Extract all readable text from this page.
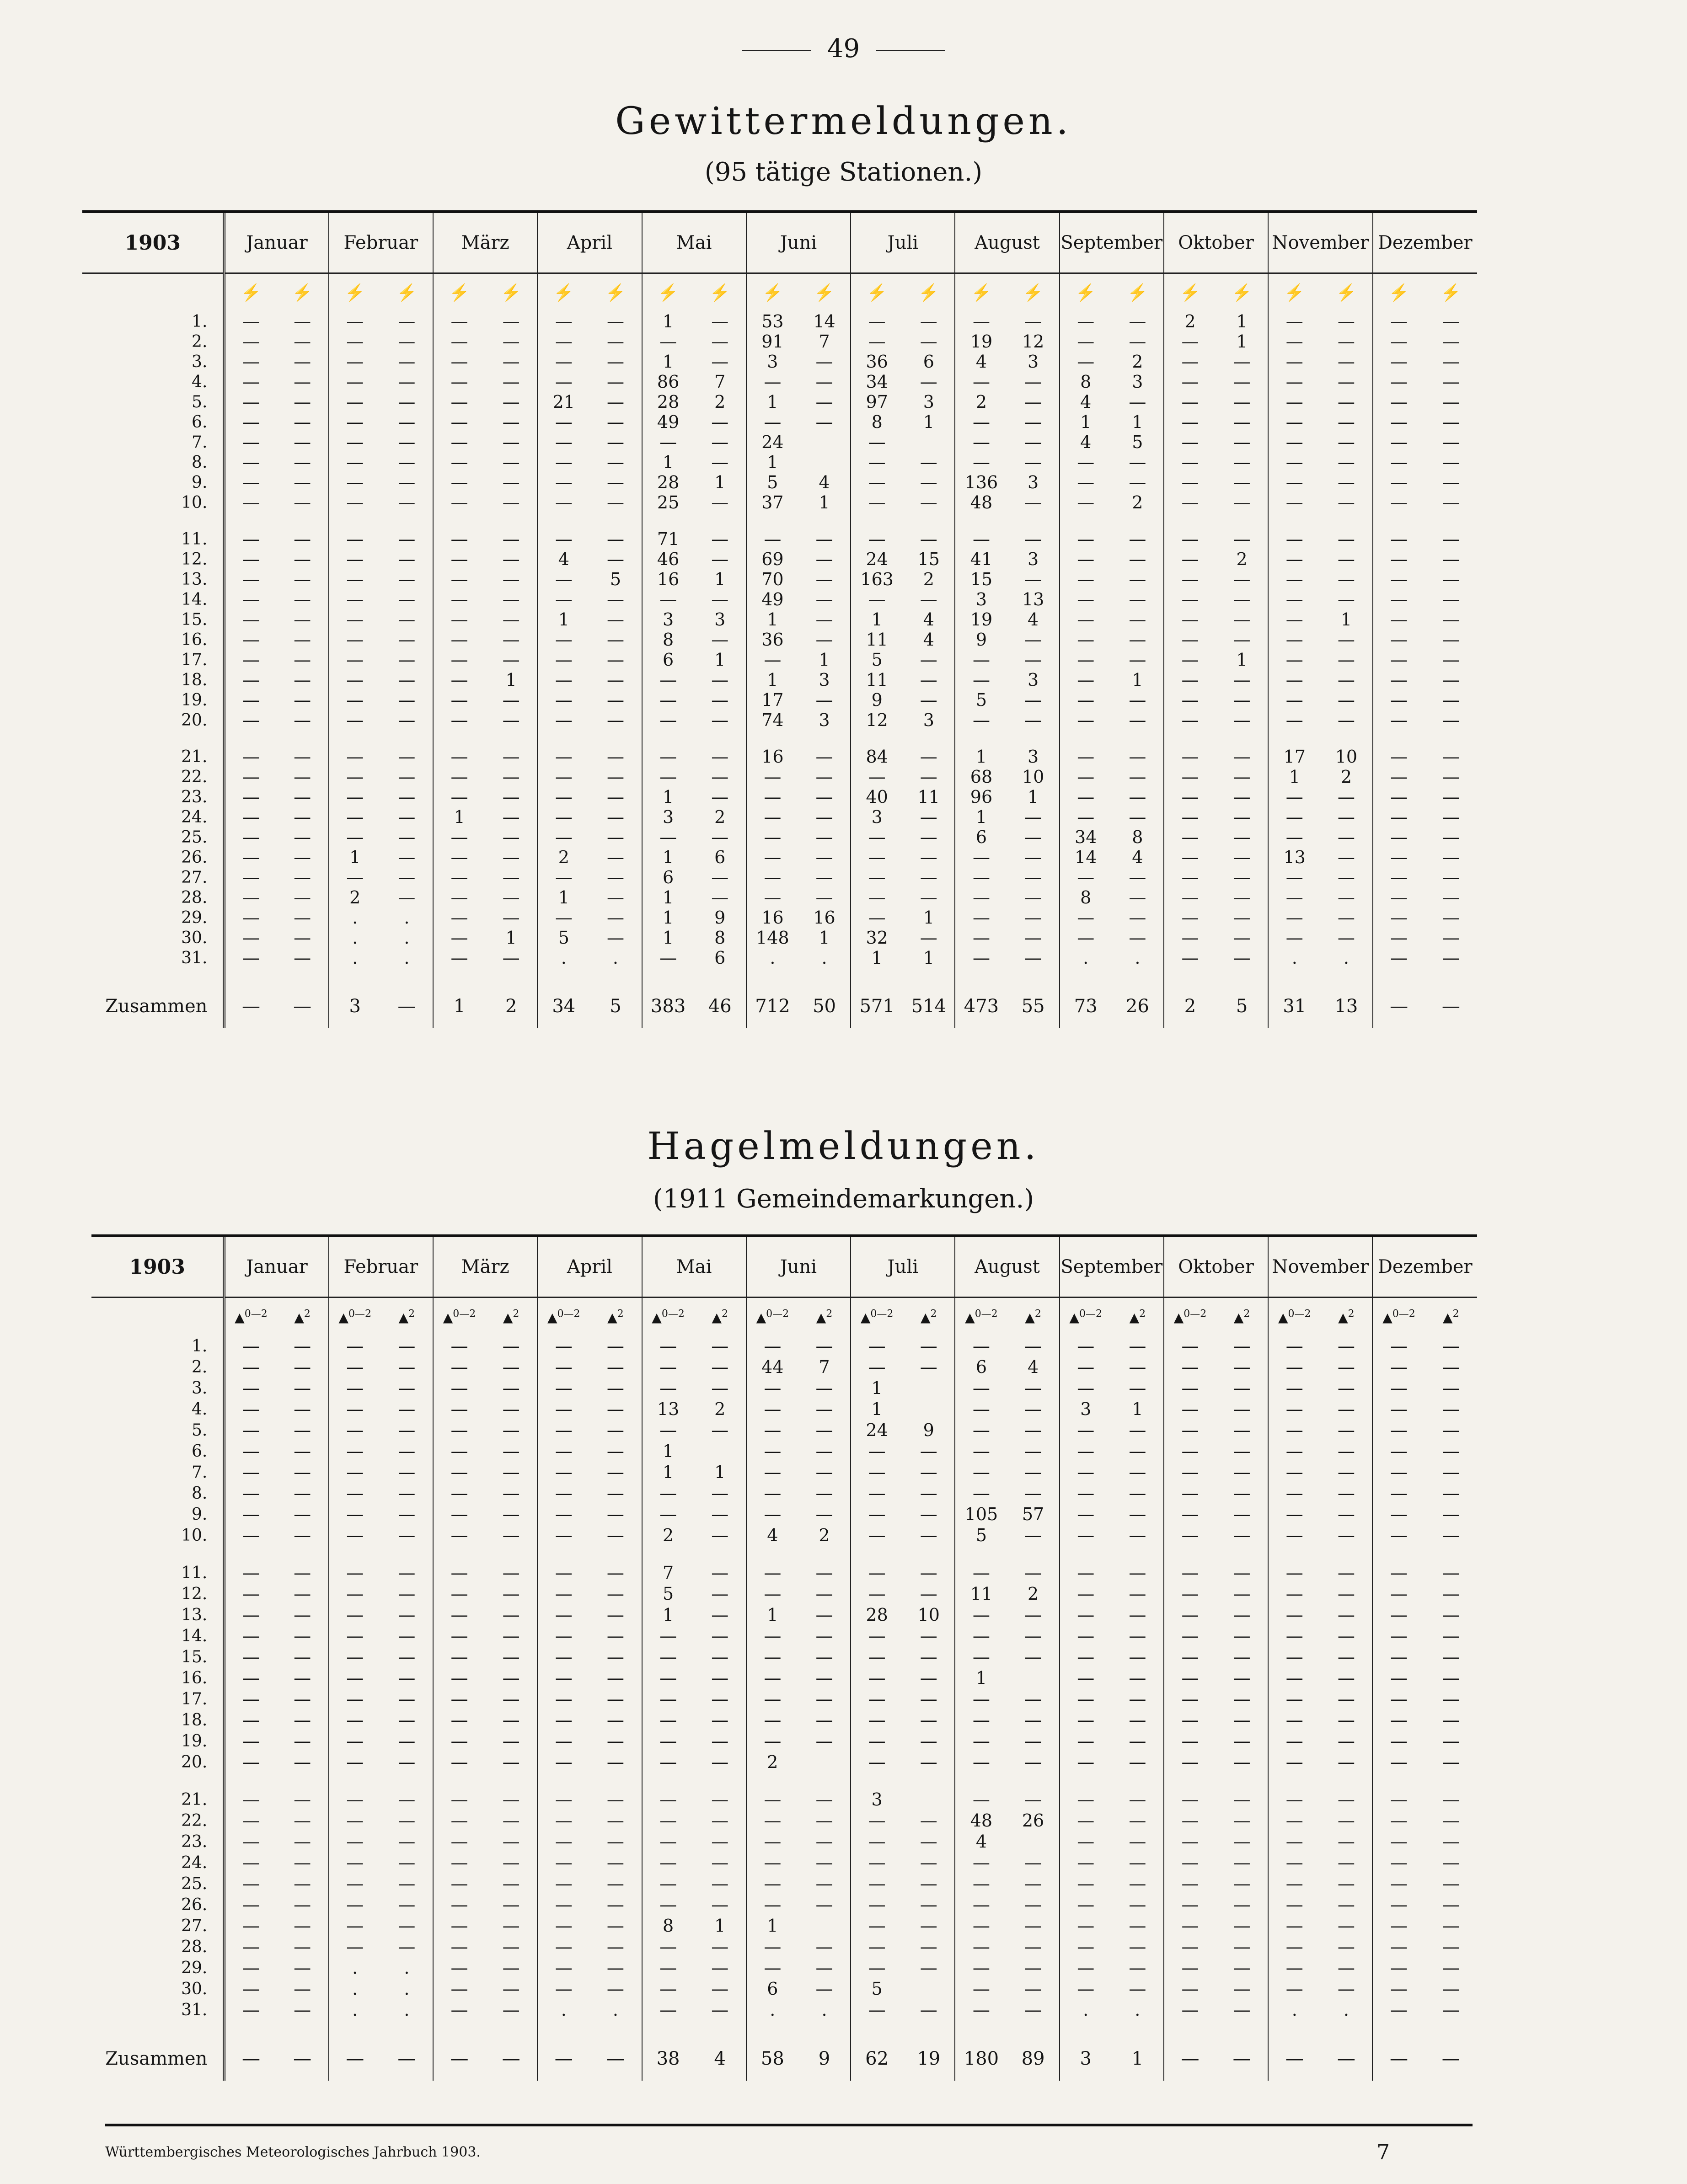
49
Gewittermeldungen.
(95 tätige Stationen.)

1903	Januar		Februar		März		April		Mai		Juni		Juli		August		September		Oktober		November		Dezember	
	⚡	⚡	⚡	⚡	⚡	⚡	⚡	⚡	⚡	⚡	⚡	⚡	⚡	⚡	⚡	⚡	⚡	⚡	⚡	⚡	⚡	⚡	⚡	⚡
1.	—	—	—	—	—	—	—	—	1	—	53	14	—	—	—	—	—	—	2	1	—	—	—	—
2.	—	—	—	—	—	—	—	—	—	—	91	7	—	—	19	12	—	—	—	1	—	—	—	—
3.	—	—	—	—	—	—	—	—	1	—	3	—	36	6	4	3	—	2	—	—	—	—	—	—
4.	—	—	—	—	—	—	—	—	86	7	—	—	34	—	—	—	8	3	—	—	—	—	—	—
5.	—	—	—	—	—	—	21	—	28	2	1	—	97	3	2	—	4	—	—	—	—	—	—	—
6.	—	—	—	—	—	—	—	—	49	—	—	—	8	1	—	—	1	1	—	—	—	—	—	—
7.	—	—	—	—	—	—	—	—	—	—	24		—		—	—	4	5	—	—	—	—	—	—
8.	—	—	—	—	—	—	—	—	1	—	1		—	—	—	—	—	—	—	—	—	—	—	—
9.	—	—	—	—	—	—	—	—	28	1	5	4	—	—	136	3	—	—	—	—	—	—	—	—
10.	—	—	—	—	—	—	—	—	25	—	37	1	—	—	48	—	—	2	—	—	—	—	—	—

11.	—	—	—	—	—	—	—	—	71	—	—	—	—	—	—	—	—	—	—	—	—	—	—	—
12.	—	—	—	—	—	—	4	—	46	—	69	—	24	15	41	3	—	—	—	2	—	—	—	—
13.	—	—	—	—	—	—	—	5	16	1	70	—	163	2	15	—	—	—	—	—	—	—	—	—
14.	—	—	—	—	—	—	—	—	—	—	49	—	—	—	3	13	—	—	—	—	—	—	—	—
15.	—	—	—	—	—	—	1	—	3	3	1	—	1	4	19	4	—	—	—	—	—	1	—	—
16.	—	—	—	—	—	—	—	—	8	—	36	—	11	4	9	—	—	—	—	—	—	—	—	—
17.	—	—	—	—	—	—	—	—	6	1	—	1	5	—	—	—	—	—	—	1	—	—	—	—
18.	—	—	—	—	—	1	—	—	—	—	1	3	11	—	—	3	—	1	—	—	—	—	—	—
19.	—	—	—	—	—	—	—	—	—	—	17	—	9	—	5	—	—	—	—	—	—	—	—	—
20.	—	—	—	—	—	—	—	—	—	—	74	3	12	3	—	—	—	—	—	—	—	—	—	—

21.	—	—	—	—	—	—	—	—	—	—	16	—	84	—	1	3	—	—	—	—	17	10	—	—
22.	—	—	—	—	—	—	—	—	—	—	—	—	—	—	68	10	—	—	—	—	1	2	—	—
23.	—	—	—	—	—	—	—	—	1	—	—	—	40	11	96	1	—	—	—	—	—	—	—	—
24.	—	—	—	—	1	—	—	—	3	2	—	—	3	—	1	—	—	—	—	—	—	—	—	—
25.	—	—	—	—	—	—	—	—	—	—	—	—	—	—	6	—	34	8	—	—	—	—	—	—
26.	—	—	1	—	—	—	2	—	1	6	—	—	—	—	—	—	14	4	—	—	13	—	—	—
27.	—	—	—	—	—	—	—	—	6	—	—	—	—	—	—	—	—	—	—	—	—	—	—	—
28.	—	—	2	—	—	—	1	—	1	—	—	—	—	—	—	—	8	—	—	—	—	—	—	—
29.	—	—	.	.	—	—	—	—	1	9	16	16	—	1	—	—	—	—	—	—	—	—	—	—
30.	—	—	.	.	—	1	5	—	1	8	148	1	32	—	—	—	—	—	—	—	—	—	—	—
31.	—	—	.	.	—	—	.	.	—	6	.	.	1	1	—	—	.	.	—	—	.	.	—	—

Zusammen	—	—	3	—	1	2	34	5	383	46	712	50	571	514	473	55	73	26	2	5	31	13	—	—
Hagelmeldungen.
(1911 Gemeindemarkungen.)

1903	Januar		Februar		März		April		Mai		Juni		Juli		August		September		Oktober		November		Dezember	
	▲$^{0—2}$	▲$^2$	▲$^{0—2}$	▲$^2$	▲$^{0—2}$	▲$^2$	▲$^{0—2}$	▲$^2$	▲$^{0—2}$	▲$^2$	▲$^{0—2}$	▲$^2$	▲$^{0—2}$	▲$^2$	▲$^{0—2}$	▲$^2$	▲$^{0—2}$	▲$^2$	▲$^{0—2}$	▲$^2$	▲$^{0—2}$	▲$^2$	▲$^{0—2}$	▲$^2$
1.	—	—	—	—	—	—	—	—	—	—	—	—	—	—	—	—	—	—	—	—	—	—	—	—
2.	—	—	—	—	—	—	—	—	—	—	44	7	—	—	6	4	—	—	—	—	—	—	—	—
3.	—	—	—	—	—	—	—	—	—	—	—	—	1		—	—	—	—	—	—	—	—	—	—
4.	—	—	—	—	—	—	—	—	13	2	—	—	1		—	—	3	1	—	—	—	—	—	—
5.	—	—	—	—	—	—	—	—	—	—	—	—	24	9	—	—	—	—	—	—	—	—	—	—
6.	—	—	—	—	—	—	—	—	1		—	—	—	—	—	—	—	—	—	—	—	—	—	—
7.	—	—	—	—	—	—	—	—	1	1	—	—	—	—	—	—	—	—	—	—	—	—	—	—
8.	—	—	—	—	—	—	—	—	—	—	—	—	—	—	—	—	—	—	—	—	—	—	—	—
9.	—	—	—	—	—	—	—	—	—	—	—	—	—	—	105	57	—	—	—	—	—	—	—	—
10.	—	—	—	—	—	—	—	—	2	—	4	2	—	—	5	—	—	—	—	—	—	—	—	—

11.	—	—	—	—	—	—	—	—	7	—	—	—	—	—	—	—	—	—	—	—	—	—	—	—
12.	—	—	—	—	—	—	—	—	5	—	—	—	—	—	11	2	—	—	—	—	—	—	—	—
13.	—	—	—	—	—	—	—	—	1	—	1	—	28	10	—	—	—	—	—	—	—	—	—	—
14.	—	—	—	—	—	—	—	—	—	—	—	—	—	—	—	—	—	—	—	—	—	—	—	—
15.	—	—	—	—	—	—	—	—	—	—	—	—	—	—	—	—	—	—	—	—	—	—	—	—
16.	—	—	—	—	—	—	—	—	—	—	—	—	—	—	1		—	—	—	—	—	—	—	—
17.	—	—	—	—	—	—	—	—	—	—	—	—	—	—	—	—	—	—	—	—	—	—	—	—
18.	—	—	—	—	—	—	—	—	—	—	—	—	—	—	—	—	—	—	—	—	—	—	—	—
19.	—	—	—	—	—	—	—	—	—	—	—	—	—	—	—	—	—	—	—	—	—	—	—	—
20.	—	—	—	—	—	—	—	—	—	—	2		—	—	—	—	—	—	—	—	—	—	—	—

21.	—	—	—	—	—	—	—	—	—	—	—	—	3		—	—	—	—	—	—	—	—	—	—
22.	—	—	—	—	—	—	—	—	—	—	—	—	—	—	48	26	—	—	—	—	—	—	—	—
23.	—	—	—	—	—	—	—	—	—	—	—	—	—	—	4		—	—	—	—	—	—	—	—
24.	—	—	—	—	—	—	—	—	—	—	—	—	—	—	—	—	—	—	—	—	—	—	—	—
25.	—	—	—	—	—	—	—	—	—	—	—	—	—	—	—	—	—	—	—	—	—	—	—	—
26.	—	—	—	—	—	—	—	—	—	—	—	—	—	—	—	—	—	—	—	—	—	—	—	—
27.	—	—	—	—	—	—	—	—	8	1	1		—	—	—	—	—	—	—	—	—	—	—	—
28.	—	—	—	—	—	—	—	—	—	—	—	—	—	—	—	—	—	—	—	—	—	—	—	—
29.	—	—	.	.	—	—	—	—	—	—	—	—	—	—	—	—	—	—	—	—	—	—	—	—
30.	—	—	.	.	—	—	—	—	—	—	6	—	5		—	—	—	—	—	—	—	—	—	—
31.	—	—	.	.	—	—	.	.	—	—	.	.	—	—	—	—	.	.	—	—	.	.	—	—

Zusammen	—	—	—	—	—	—	—	—	38	4	58	9	62	19	180	89	3	1	—	—	—	—	—	—
Württembergisches Meteorologisches Jahrbuch 1903.	7
